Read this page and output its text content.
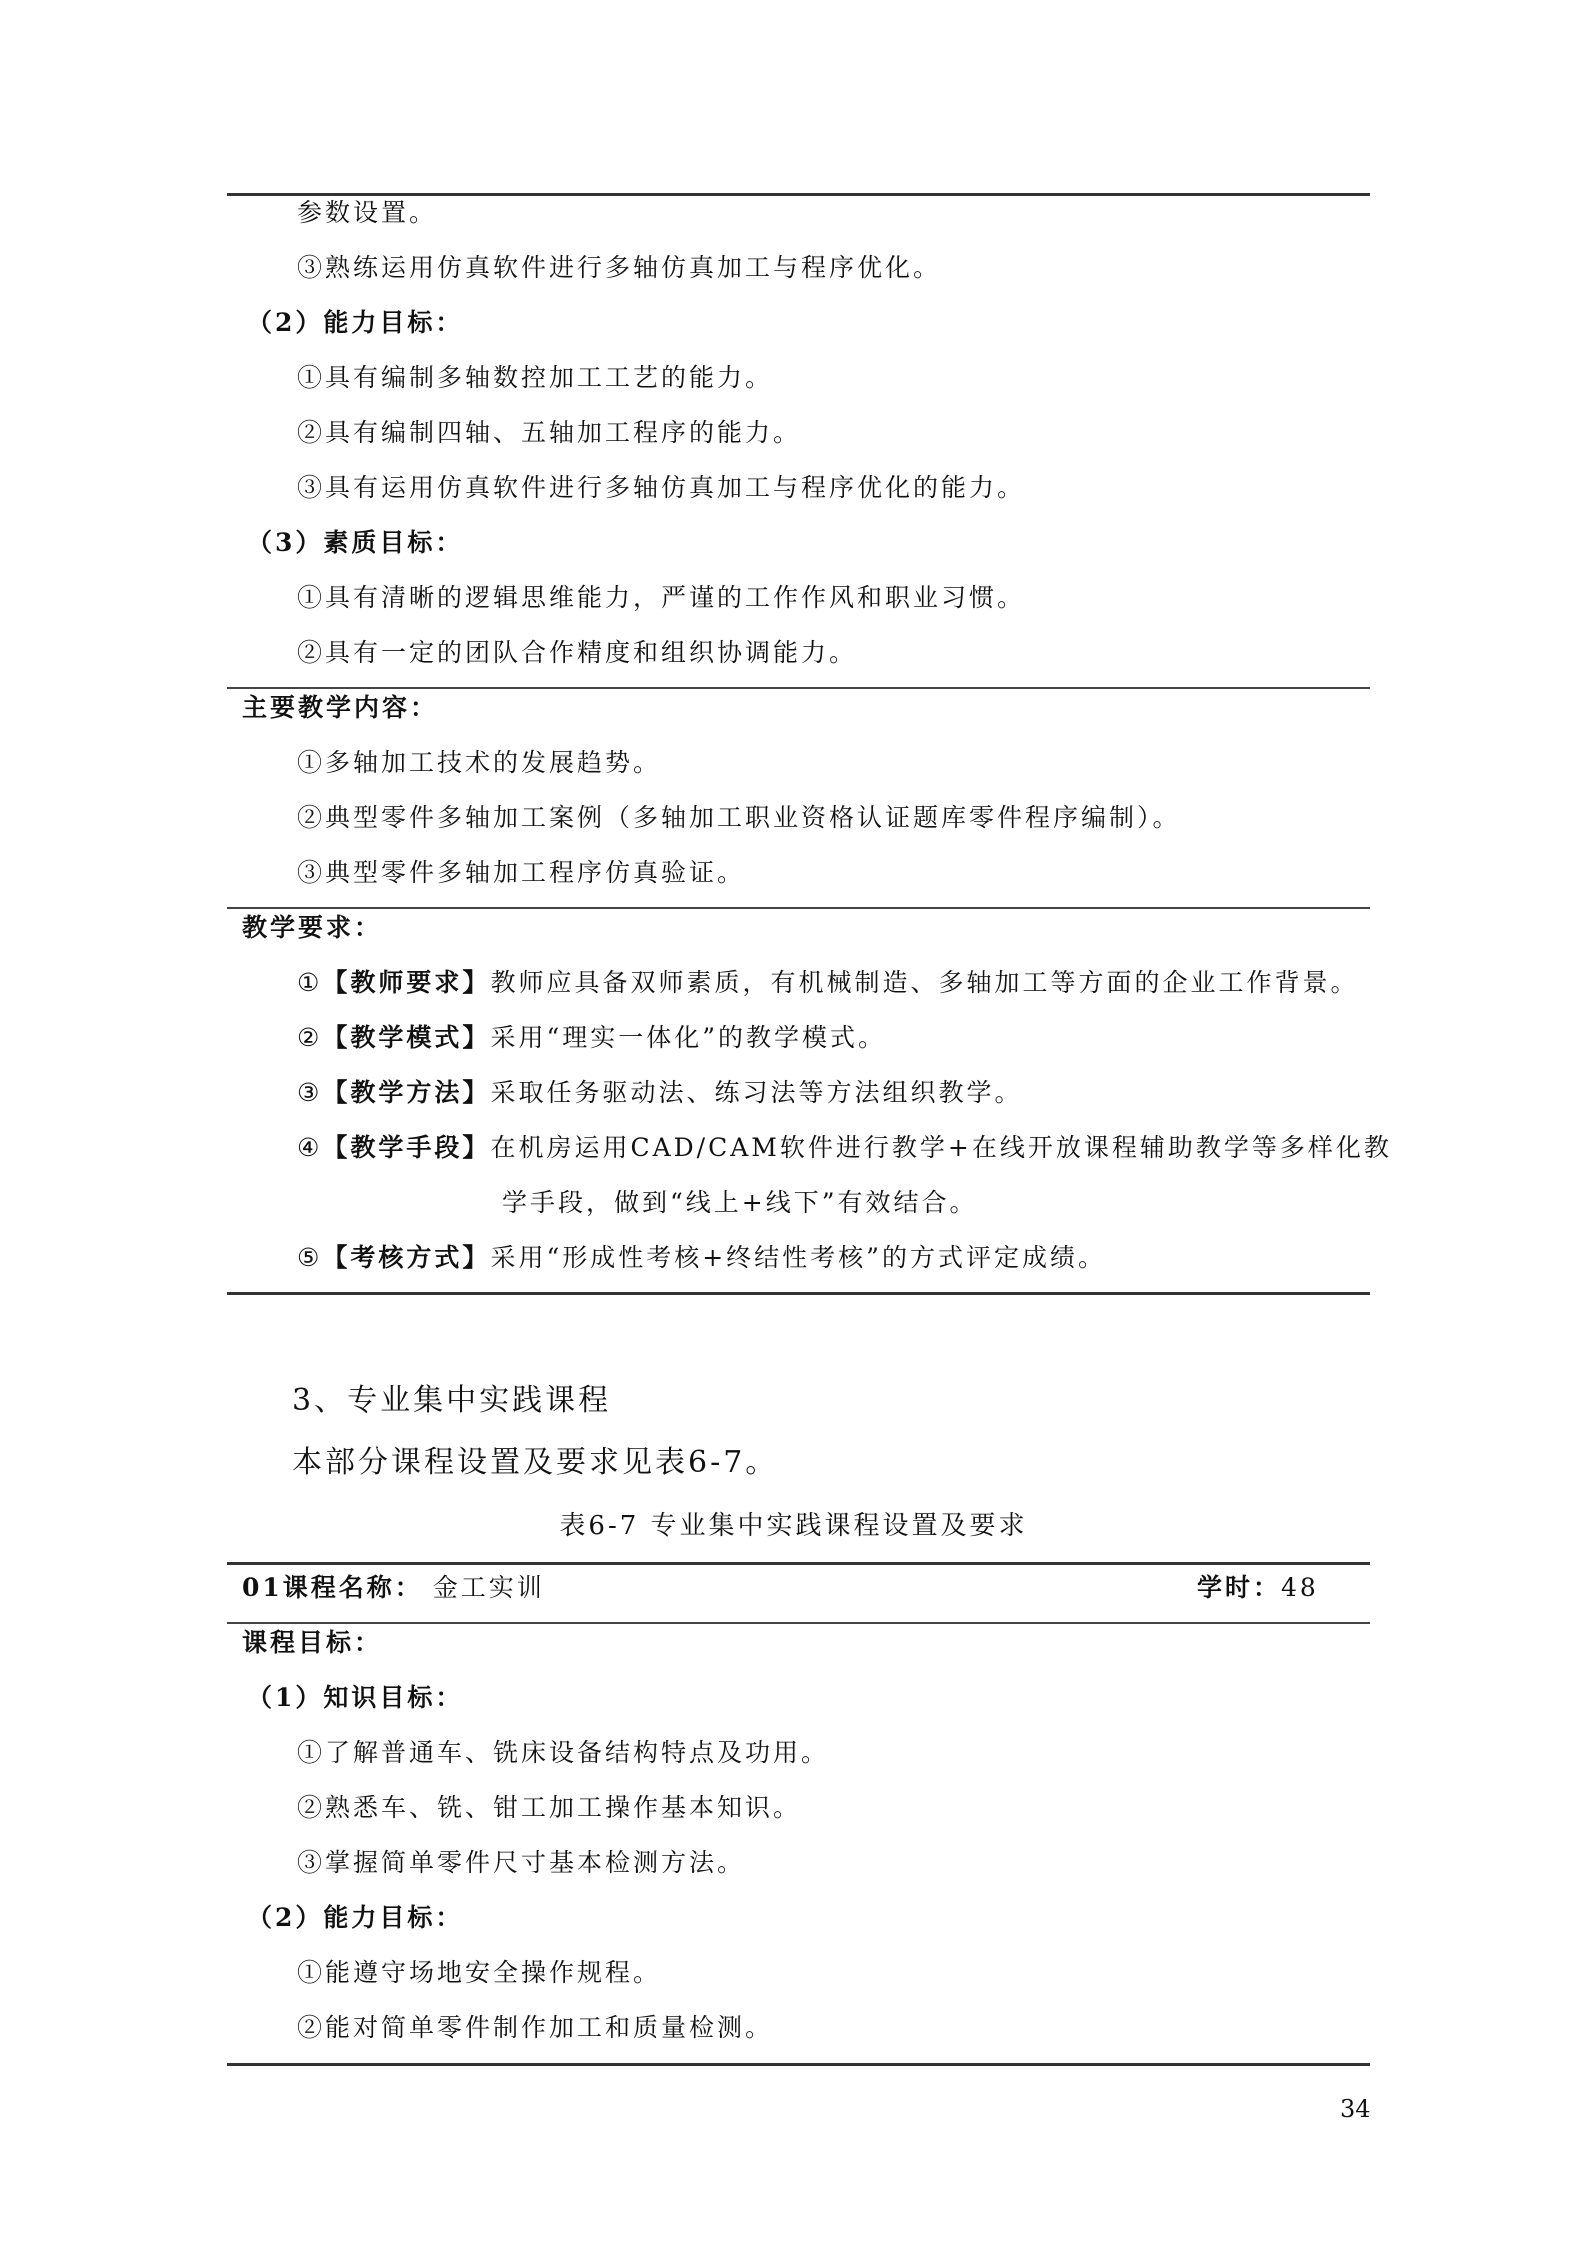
参数设置。
③熟练运用仿真软件进行多轴仿真加工与程序优化。
（2）能力目标：
①具有编制多轴数控加工工艺的能力。
②具有编制四轴、五轴加工程序的能力。
③具有运用仿真软件进行多轴仿真加工与程序优化的能力。
（3）素质目标：
①具有清晰的逻辑思维能力，严谨的工作作风和职业习惯。
②具有一定的团队合作精度和组织协调能力。
主要教学内容：
①多轴加工技术的发展趋势。
②典型零件多轴加工案例（多轴加工职业资格认证题库零件程序编制）。
③典型零件多轴加工程序仿真验证。
教学要求：
①【教师要求】教师应具备双师素质，有机械制造、多轴加工等方面的企业工作背景。
②【教学模式】采用“理实一体化”的教学模式。
③【教学方法】采取任务驱动法、练习法等方法组织教学。
④【教学手段】在机房运用CAD/CAM软件进行教学+在线开放课程辅助教学等多样化教
学手段，做到“线上+线下”有效结合。
⑤【考核方式】采用“形成性考核+终结性考核”的方式评定成绩。
3、专业集中实践课程
本部分课程设置及要求见表6-7。
表6-7 专业集中实践课程设置及要求
01课程名称： 金工实训	学时：48
课程目标：
（1）知识目标：
①了解普通车、铣床设备结构特点及功用。
②熟悉车、铣、钳工加工操作基本知识。
③掌握简单零件尺寸基本检测方法。
（2）能力目标：
①能遵守场地安全操作规程。
②能对简单零件制作加工和质量检测。
34
